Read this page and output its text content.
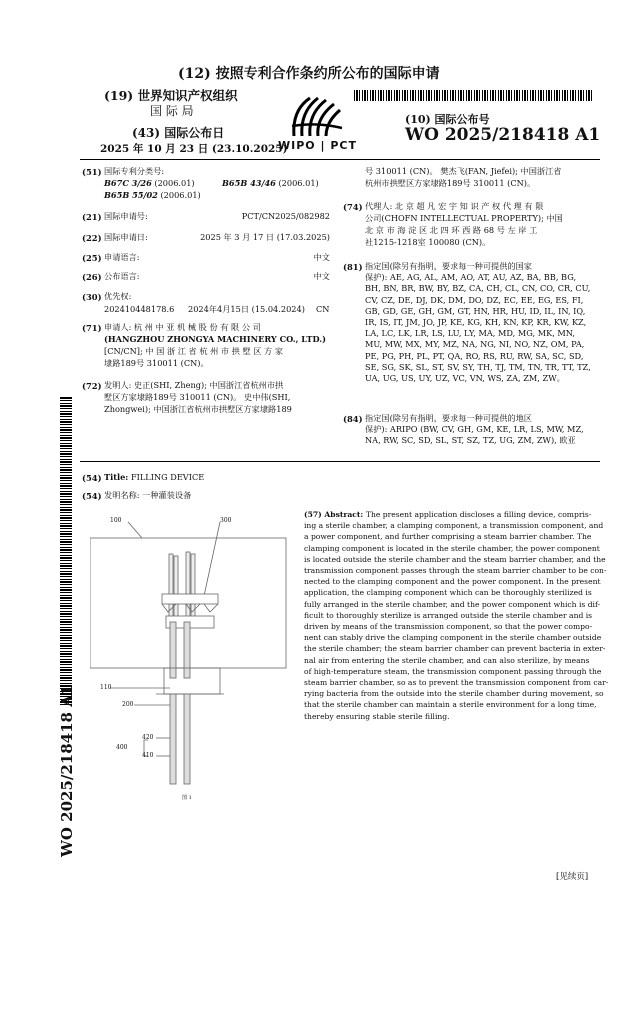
(12) 按照专利合作条约所公布的国际申请
(19) 世界知识产权组织
国 际 局
(43) 国际公布日
2025 年 10 月 23 日 (23.10.2025)
WIPO | PCT
(10) 国际公布号
WO 2025/218418 A1
WO 2025/218418 A1
(51) 国际专利分类号:
B67C 3/26 (2006.01)	B65B 43/46 (2006.01)
B65B 55/02 (2006.01)
(21) 国际申请号:	PCT/CN2025/082982
(22) 国际申请日:	2025 年 3 月 17 日 (17.03.2025)
(25) 申请语言:	中文
(26) 公布语言:	中文
(30) 优先权:
202410448178.6 2024年4月15日 (15.04.2024) CN
(71) 申请人: 杭 州 中 亚 机 械 股 份 有 限 公 司
(HANGZHOU ZHONGYA MACHINERY CO., LTD.)
[CN/CN]; 中 国 浙 江 省 杭 州 市 拱 墅 区 方 家
埭路189号 310011 (CN)。
(72) 发明人: 史正(SHI, Zheng); 中国浙江省杭州市拱
墅区方家埭路189号 310011 (CN)。 史中伟(SHI,
Zhongwei); 中国浙江省杭州市拱墅区方家埭路189
号 310011 (CN)。 樊杰飞(FAN, Jiefei); 中国浙江省
杭州市拱墅区方家埭路189号 310011 (CN)。
(74) 代理人: 北 京 超 凡 宏 宇 知 识 产 权 代 理 有 限
公司(CHOFN INTELLECTUAL PROPERTY); 中国
北 京 市 海 淀 区 北 四 环 西 路 68 号 左 岸 工
社1215-1218室 100080 (CN)。
(81) 指定国(除另有指明，要求每一种可提供的国家
保护): AE, AG, AL, AM, AO, AT, AU, AZ, BA, BB, BG,
BH, BN, BR, BW, BY, BZ, CA, CH, CL, CN, CO, CR, CU,
CV, CZ, DE, DJ, DK, DM, DO, DZ, EC, EE, EG, ES, FI,
GB, GD, GE, GH, GM, GT, HN, HR, HU, ID, IL, IN, IQ,
IR, IS, IT, JM, JO, JP, KE, KG, KH, KN, KP, KR, KW, KZ,
LA, LC, LK, LR, LS, LU, LY, MA, MD, MG, MK, MN,
MU, MW, MX, MY, MZ, NA, NG, NI, NO, NZ, OM, PA,
PE, PG, PH, PL, PT, QA, RO, RS, RU, RW, SA, SC, SD,
SE, SG, SK, SL, ST, SV, SY, TH, TJ, TM, TN, TR, TT, TZ,
UA, UG, US, UY, UZ, VC, VN, WS, ZA, ZM, ZW。
(84) 指定国(除另有指明，要求每一种可提供的地区
保护): ARIPO (BW, CV, GH, GM, KE, LR, LS, MW, MZ,
NA, RW, SC, SD, SL, ST, SZ, TZ, UG, ZM, ZW), 欧亚
(54) Title: FILLING DEVICE
(54) 发明名称: 一种灌装设备
100	300
110
200
420
400
410
图 1
(57) Abstract: The present application discloses a filling device, compris-
ing a sterile chamber, a clamping component, a transmission component, and
a power component, and further comprising a steam barrier chamber. The
clamping component is located in the sterile chamber, the power component
is located outside the sterile chamber and the steam barrier chamber, and the
transmission component passes through the steam barrier chamber to be con-
nected to the clamping component and the power component. In the present
application, the clamping component which can be thoroughly sterilized is
fully arranged in the sterile chamber, and the power component which is dif-
ficult to thoroughly sterilize is arranged outside the sterile chamber and is
driven by means of the transmission component, so that the power compo-
nent can stably drive the clamping component in the sterile chamber outside
the sterile chamber; the steam barrier chamber can prevent bacteria in exter-
nal air from entering the sterile chamber, and can also sterilize, by means
of high-temperature steam, the transmission component passing through the
steam barrier chamber, so as to prevent the transmission component from car-
rying bacteria from the outside into the sterile chamber during movement, so
that the sterile chamber can maintain a sterile environment for a long time,
thereby ensuring stable sterile filling.
[见续页]
